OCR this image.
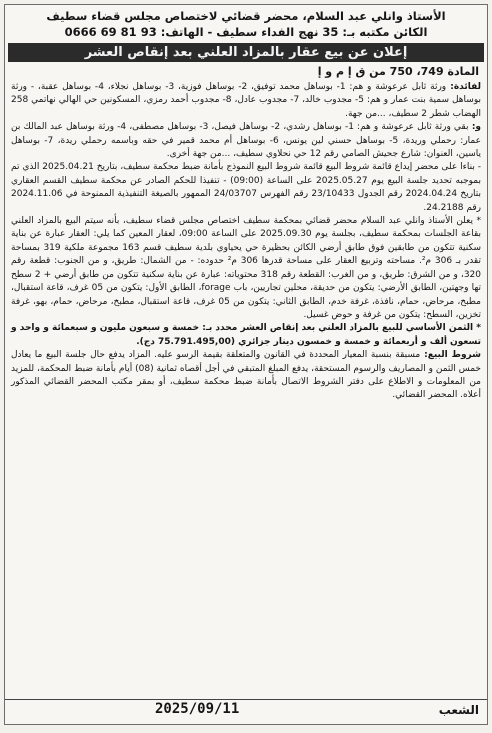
الأستاذ وانلي عبد السلام، محضر قضائي لاختصاص مجلس قضاء سطيف
الكائن مكتبه بـ: 35 نهج الفداء سطيف - الهاتف: 93 81 69 0666
إعلان عن بيع عقار بالمزاد العلني بعد إنقاص العشر
المادة 749، 750 من ق إ م و إ

لفائدة: ورثة ثابل عرعوشة و هم: 1- بوساهل محمد توفيق، 2- بوساهل فوزية، 3- بوساهل نجلاء، 4- بوساهل عقبة، - ورثة بوساهل سمية بنت عمار و هم: 5- مجدوب خالد، 7- مجدوب عادل، 8- مجدوب أحمد رمزي، المسكونين حي الهالي نهاتمي 258 الهضاب شطر 2 سطيف، ...من جهة.

و: بقي ورثة ثابل عرعوشة و هم: 1- بوساهل رشدي، 2- بوساهل فيصل، 3- بوساهل مصطفى، 4- ورثة بوساهل عبد المالك بن عمار: رحملي وريدة، 5- بوساهل حسني لين يونس، 6- بوساهل أم محمد قمير في حقه وباسمه رحملي ريدة، 7- بوساهل ياسين، العنوان: شارع جحيش الصامي رقم 12 حي نحلاوي سطيف، ...من جهة أخرى.

- بناءا على محضر إيداع قائمة شروط البيع قائمة شروط البيع النموذج بأمانة ضبط محكمة سطيف، بتاريخ 2025.04.21 الذي تم بموجبه تحديد جلسة البيع يوم 2025.05.27 على الساعة (09:00) - تنفيذا للحكم الصادر عن محكمة سطيف القسم العقاري بتاريخ 2024.04.24 رقم الجدول 23/10433 رقم الفهرس 24/03707 الممهور بالصيغة التنفيذية الممنوحة في 2024.11.06 رقم 24.2188.

* يعلن الأستاذ وانلي عبد السلام محضر قضائي بمحكمة سطيف اختصاص مجلس قضاء سطيف، بأنه سيتم البيع بالمزاد العلني بقاعة الجلسات بمحكمة سطيف، بجلسة يوم 2025.09.30 على الساعة 09:00، لعقار المعين كما يلي: العقار عبارة عن بناية سكنية تتكون من طابقين فوق طابق أرضي الكائن بحظيرة حي يحياوي بلدية سطيف قسم 163 مجموعة ملكية 319 بمساحة تقدر بـ 306 م². مساحته وتربيع العقار على مساحة قدرها 306 م² حدوده: - من الشمال: طريق، و من الجنوب: قطعة رقم 320، و من الشرق: طريق، و من الغرب: القطعة رقم 318 محتوياته: عبارة عن بناية سكنية تتكون من طابق أرضي + 2 سطح تها وجهتين، الطابق الأرضي: يتكون من حديقة، محلين تجاريين، باب forage، الطابق الأول: يتكون من 05 غرف، قاعة استقبال، مطبخ، مرحاض، حمام، نافذة، غرفة خدم، الطابق الثاني: يتكون من 05 غرف، قاعة استقبال، مطبخ، مرحاض، حمام، بهو، غرفة تخزين، السطح: يتكون من غرفة و حوض غسيل.

* الثمن الأساسي للبيع بالمزاد العلني بعد إنقاص العشر محدد بـ: خمسة و سبعون مليون و سبعمائة و واحد و تسعون ألف و أربعمائة و خمسة و خمسون دينار جزائري (75.791.495,00 دج).

شروط البيع: مسبقة بنسبة المعيار المحددة في القانون والمتعلقة بقيمة الرسو عليه. المزاد يدفع حال جلسة البيع ما يعادل خمس الثمن و المصاريف والرسوم المستحقة، يدفع المبلغ المتبقي في أجل أقصاه ثمانية (08) أيام بأمانة ضبط المحكمة، للمزيد من المعلومات و الاطلاع على دفتر الشروط الاتصال بأمانة ضبط محكمة سطيف، أو بمقر مكتب المحضر القضائي المذكور أعلاه. المحضر القضائي.

الشعب
2025/09/11
